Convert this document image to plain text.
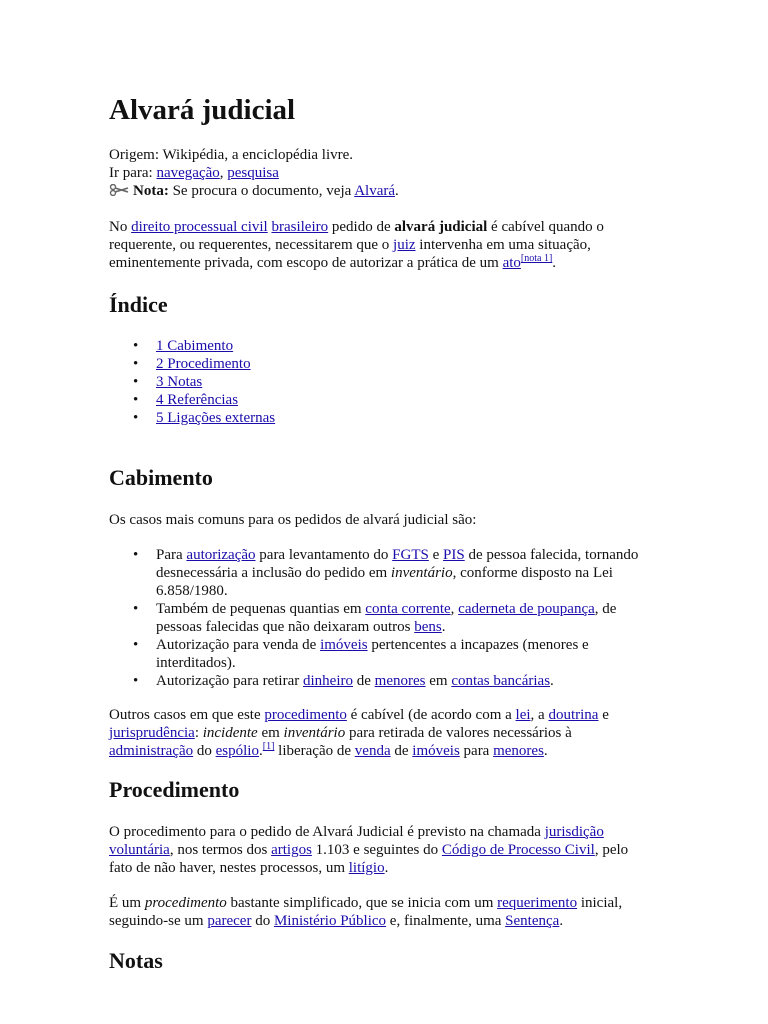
Alvará judicial
Origem: Wikipédia, a enciclopédia livre.
Ir para: navegação, pesquisa
Nota: Se procura o documento, veja Alvará.

No direito processual civil brasileiro pedido de alvará judicial é cabível quando o requerente, ou requerentes, necessitarem que o juiz intervenha em uma situação, eminentemente privada, com escopo de autorizar a prática de um ato[nota 1].

Índice
• 1 Cabimento
• 2 Procedimento
• 3 Notas
• 4 Referências
• 5 Ligações externas
Cabimento

Os casos mais comuns para os pedidos de alvará judicial são:

• Para autorização para levantamento do FGTS e PIS de pessoa falecida, tornando desnecessária a inclusão do pedido em inventário, conforme disposto na Lei 6.858/1980.
• Também de pequenas quantias em conta corrente, caderneta de poupança, de pessoas falecidas que não deixaram outros bens.
• Autorização para venda de imóveis pertencentes a incapazes (menores e interditados).
• Autorização para retirar dinheiro de menores em contas bancárias.

Outros casos em que este procedimento é cabível (de acordo com a lei, a doutrina e jurisprudência: incidente em inventário para retirada de valores necessários à administração do espólio.[1] liberação de venda de imóveis para menores.

Procedimento

O procedimento para o pedido de Alvará Judicial é previsto na chamada jurisdição voluntária, nos termos dos artigos 1.103 e seguintes do Código de Processo Civil, pelo fato de não haver, nestes processos, um litígio.

É um procedimento bastante simplificado, que se inicia com um requerimento inicial, seguindo-se um parecer do Ministério Público e, finalmente, uma Sentença.

Notas
